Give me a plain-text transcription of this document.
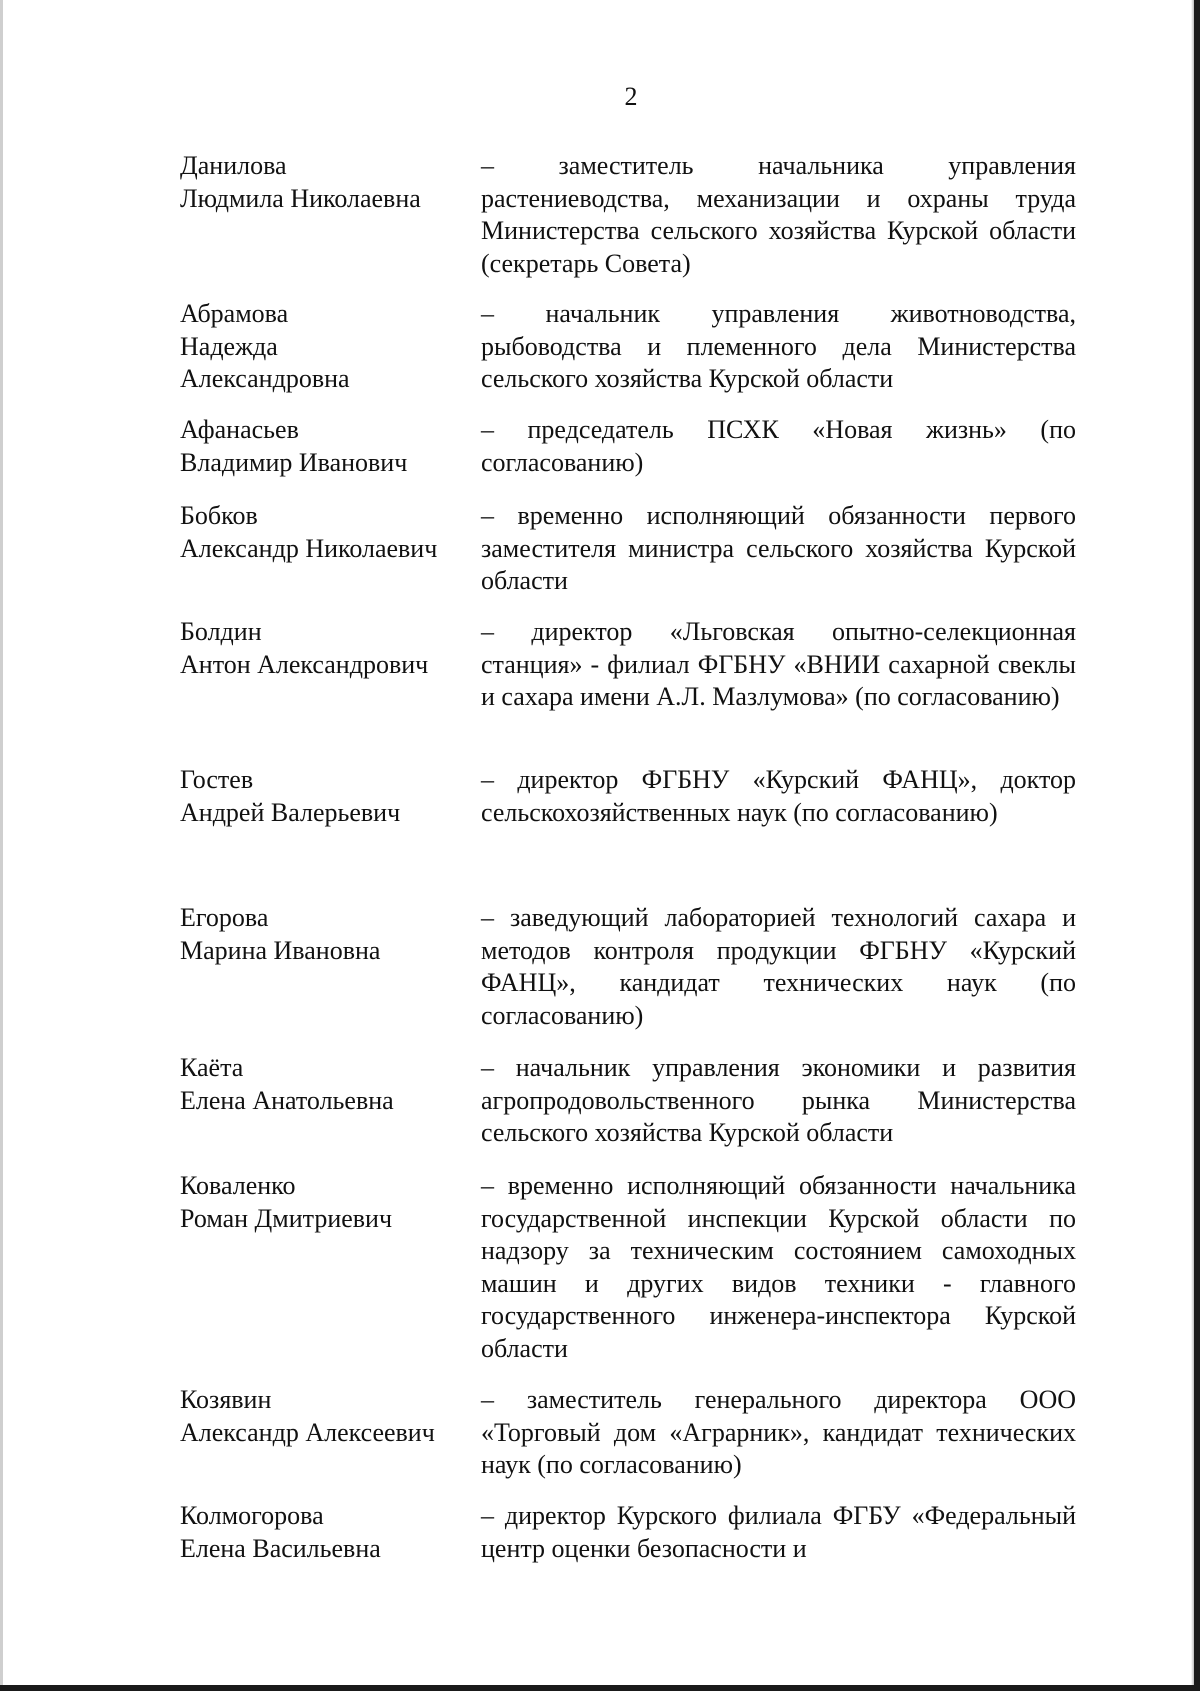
2
Данилова
Людмила Николаевна
– заместитель начальника управления растениеводства, механизации и охраны труда Министерства сельского хозяйства Курской области (секретарь Совета)
Абрамова
Надежда
Александровна
– начальник управления животноводства, рыбоводства и племенного дела Министерства сельского хозяйства Курской области
Афанасьев
Владимир Иванович
– председатель ПСХК «Новая жизнь» (по согласованию)
Бобков
Александр Николаевич
– временно исполняющий обязанности первого заместителя министра сельского хозяйства Курской области
Болдин
Антон Александрович
– директор «Льговская опытно-селекционная станция» - филиал ФГБНУ «ВНИИ сахарной свеклы и сахара имени А.Л. Мазлумова» (по согласованию)
Гостев
Андрей Валерьевич
– директор ФГБНУ «Курский ФАНЦ», доктор сельскохозяйственных наук (по согласованию)
Егорова
Марина Ивановна
– заведующий лабораторией технологий сахара и методов контроля продукции ФГБНУ «Курский ФАНЦ», кандидат технических наук (по согласованию)
Каёта
Елена Анатольевна
– начальник управления экономики и развития агропродовольственного рынка Министерства сельского хозяйства Курской области
Коваленко
Роман Дмитриевич
– временно исполняющий обязанности начальника государственной инспекции Курской области по надзору за техническим состоянием самоходных машин и других видов техники - главного государственного инженера-инспектора Курской области
Козявин
Александр Алексеевич
– заместитель генерального директора ООО «Торговый дом «Аграрник», кандидат технических наук (по согласованию)
Колмогорова
Елена Васильевна
– директор Курского филиала ФГБУ «Федеральный центр оценки безопасности и
